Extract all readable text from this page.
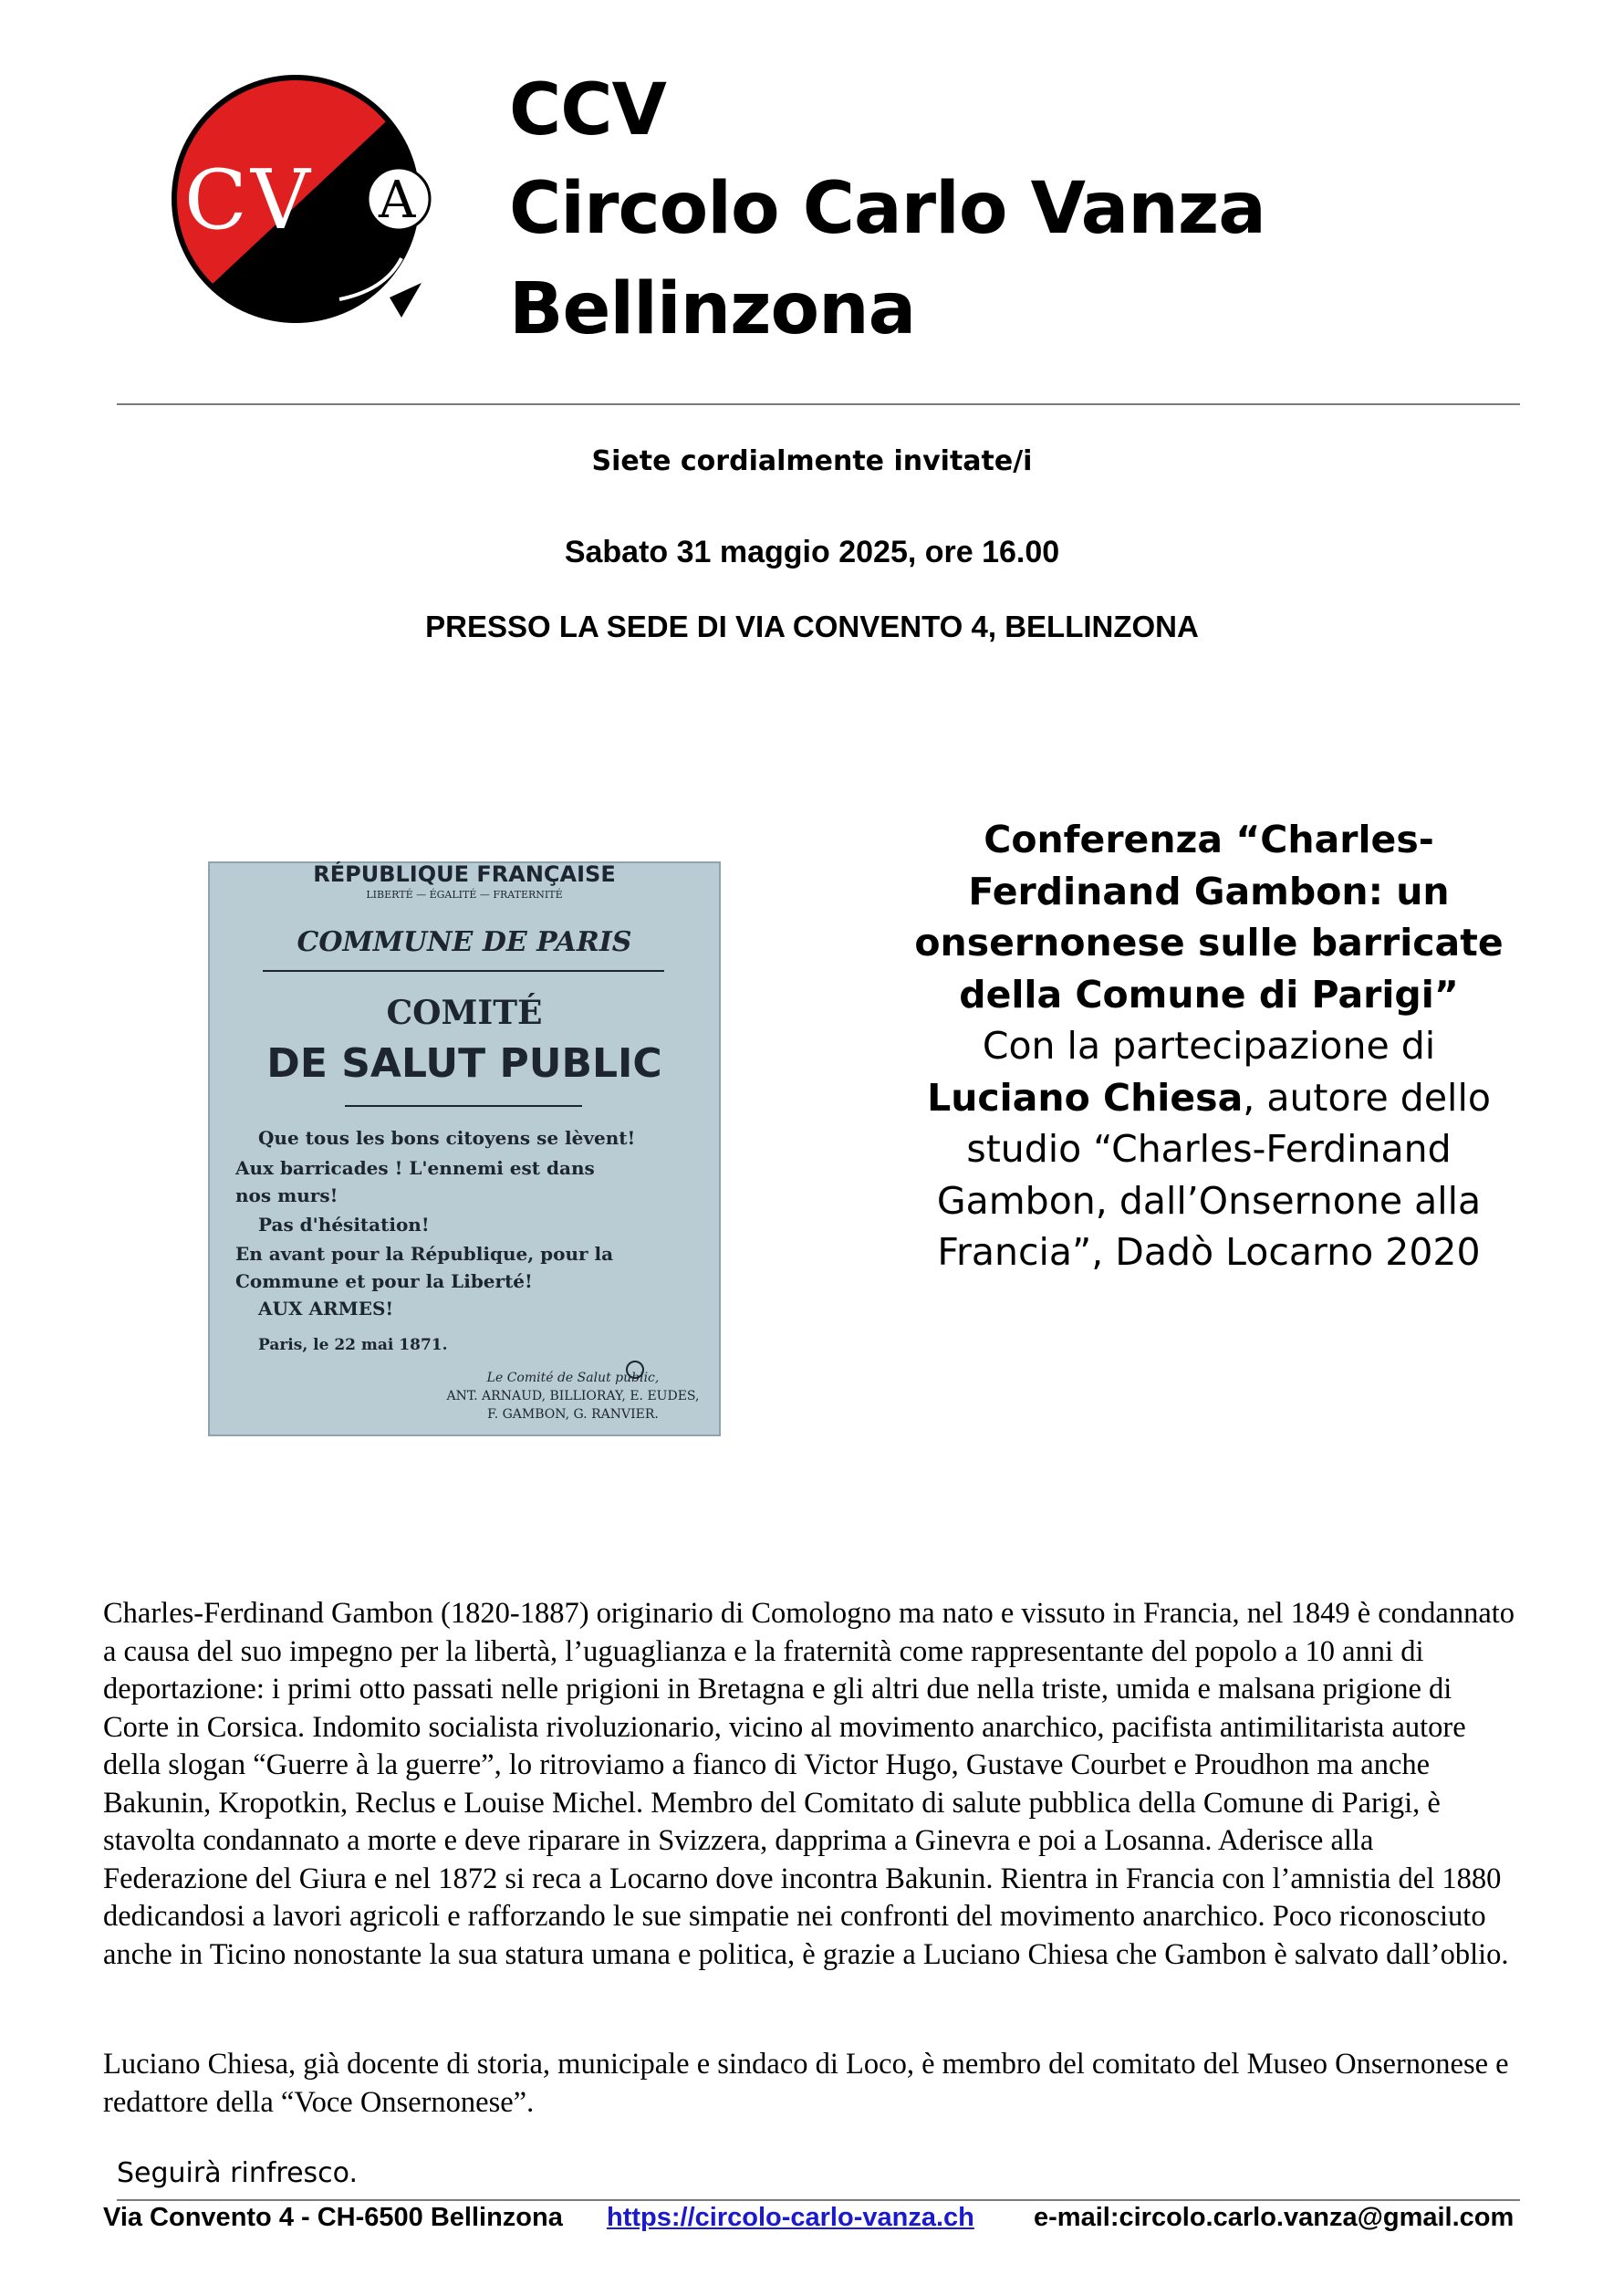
CV A
CCV
Circolo Carlo Vanza
Bellinzona
Siete cordialmente invitate/i
Sabato 31 maggio 2025, ore 16.00
PRESSO LA SEDE DI VIA CONVENTO 4, BELLINZONA
RÉPUBLIQUE FRANÇAISE
LIBERTÉ — ÉGALITÉ — FRATERNITÉ
COMMUNE DE PARIS
COMITÉ
DE SALUT PUBLIC
Que tous les bons citoyens se lèvent!
Aux barricades ! L'ennemi est dans
nos murs!
Pas d'hésitation!
En avant pour la République, pour la
Commune et pour la Liberté!
AUX ARMES!
Paris, le 22 mai 1871.
Le Comité de Salut public,
ANT. ARNAUD, BILLIORAY, E. EUDES,
F. GAMBON, G. RANVIER.
Conferenza “Charles-Ferdinand Gambon: un onsernonese sulle barricate della Comune di Parigi”
Con la partecipazione di Luciano Chiesa, autore dello studio “Charles-Ferdinand Gambon, dall’Onsernone alla Francia”, Dadò Locarno 2020
Charles-Ferdinand Gambon (1820-1887) originario di Comologno ma nato e vissuto in Francia, nel 1849 è condannato a causa del suo impegno per la libertà, l’uguaglianza e la fraternità come rappresentante del popolo a 10 anni di deportazione: i primi otto passati nelle prigioni in Bretagna e gli altri due nella triste, umida e malsana prigione di Corte in Corsica. Indomito socialista rivoluzionario, vicino al movimento anarchico, pacifista antimilitarista autore della slogan “Guerre à la guerre”, lo ritroviamo a fianco di Victor Hugo, Gustave Courbet e Proudhon ma anche Bakunin, Kropotkin, Reclus e Louise Michel. Membro del Comitato di salute pubblica della Comune di Parigi, è stavolta condannato a morte e deve riparare in Svizzera, dapprima a Ginevra e poi a Losanna. Aderisce alla Federazione del Giura e nel 1872 si reca a Locarno dove incontra Bakunin. Rientra in Francia con l’amnistia del 1880 dedicandosi a lavori agricoli e rafforzando le sue simpatie nei confronti del movimento anarchico. Poco riconosciuto anche in Ticino nonostante la sua statura umana e politica, è grazie a Luciano Chiesa che Gambon è salvato dall’oblio.
Luciano Chiesa, già docente di storia, municipale e sindaco di Loco, è membro del comitato del Museo Onsernonese e redattore della “Voce Onsernonese”.
Seguirà rinfresco.
Via Convento 4 - CH-6500 Bellinzona https://circolo-carlo-vanza.ch e-mail:circolo.carlo.vanza@gmail.com
